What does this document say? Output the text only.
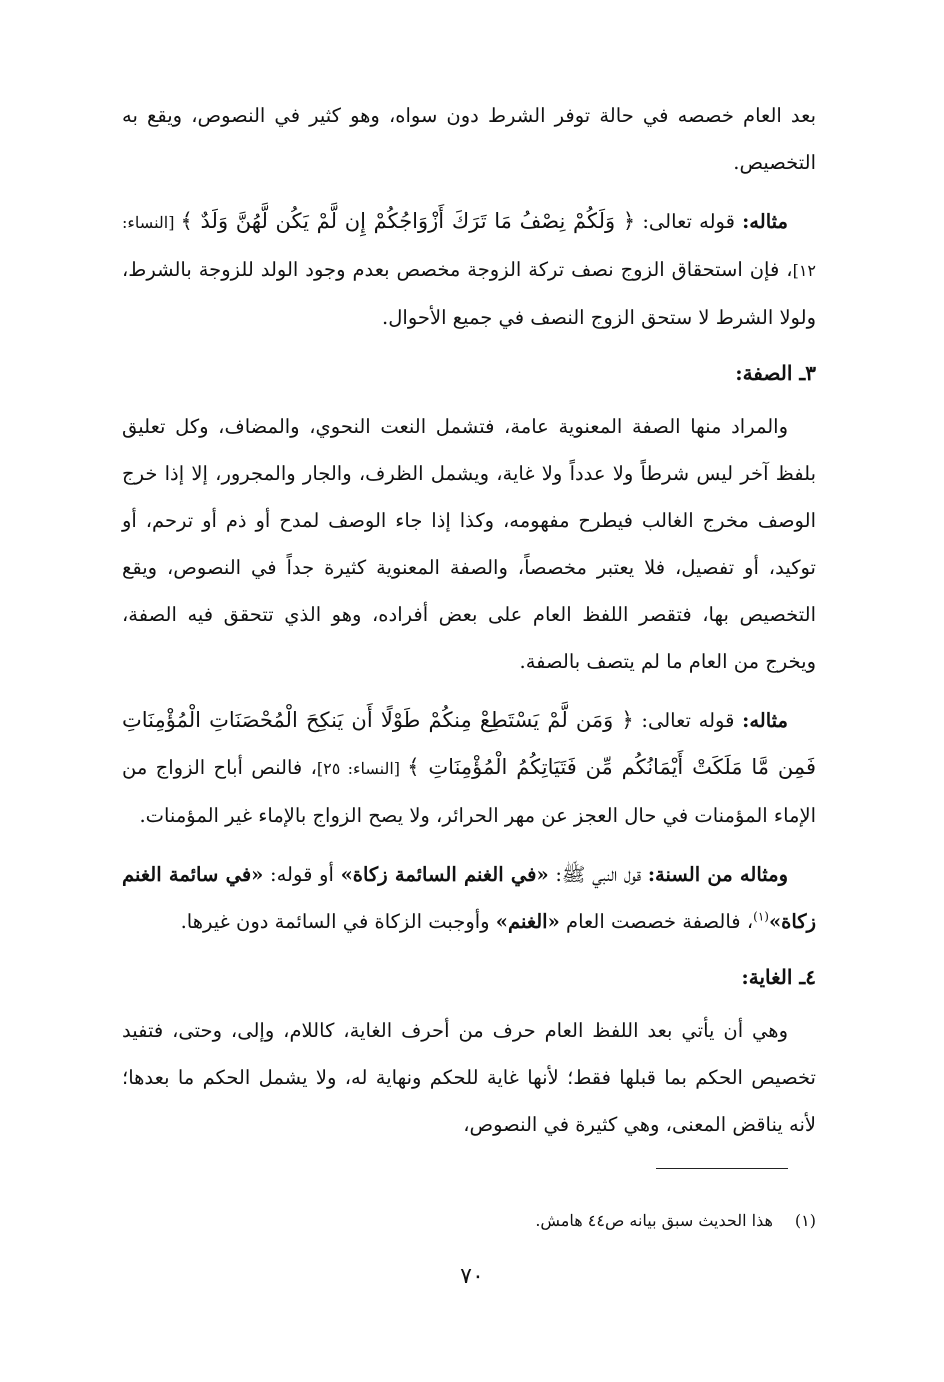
بعد العام خصصه في حالة توفر الشرط دون سواه، وهو كثير في النصوص، ويقع به التخصيص.

مثاله: قوله تعالى: ﴿ وَلَكُمْ نِصْفُ مَا تَرَكَ أَزْوَاجُكُمْ إِن لَّمْ يَكُن لَّهُنَّ وَلَدٌ ﴾ [النساء: ١٢]، فإن استحقاق الزوج نصف تركة الزوجة مخصص بعدم وجود الولد للزوجة بالشرط، ولولا الشرط لا ستحق الزوج النصف في جميع الأحوال.

٣ـ الصفة:

والمراد منها الصفة المعنوية عامة، فتشمل النعت النحوي، والمضاف، وكل تعليق بلفظ آخر ليس شرطاً ولا عدداً ولا غاية، ويشمل الظرف، والجار والمجرور، إلا إذا خرج الوصف مخرج الغالب فيطرح مفهومه، وكذا إذا جاء الوصف لمدح أو ذم أو ترحم، أو توكيد، أو تفصيل، فلا يعتبر مخصصاً، والصفة المعنوية كثيرة جداً في النصوص، ويقع التخصيص بها، فتقصر اللفظ العام على بعض أفراده، وهو الذي تتحقق فيه الصفة، ويخرج من العام ما لم يتصف بالصفة.

مثاله: قوله تعالى: ﴿ وَمَن لَّمْ يَسْتَطِعْ مِنكُمْ طَوْلًا أَن يَنكِحَ الْمُحْصَنَاتِ الْمُؤْمِنَاتِ فَمِن مَّا مَلَكَتْ أَيْمَانُكُم مِّن فَتَيَاتِكُمُ الْمُؤْمِنَاتِ ﴾ [النساء: ٢٥]، فالنص أباح الزواج من الإماء المؤمنات في حال العجز عن مهر الحرائر، ولا يصح الزواج بالإماء غير المؤمنات.

ومثاله من السنة: قول النبي ﷺ: «في الغنم السائمة زكاة» أو قوله: «في سائمة الغنم زكاة»$^{(١)}$، فالصفة خصصت العام «الغنم» وأوجبت الزكاة في السائمة دون غيرها.

٤ـ الغاية:

وهي أن يأتي بعد اللفظ العام حرف من أحرف الغاية، كاللام، وإلى، وحتى، فتفيد تخصيص الحكم بما قبلها فقط؛ لأنها غاية للحكم ونهاية له، ولا يشمل الحكم ما بعدها؛ لأنه يناقض المعنى، وهي كثيرة في النصوص،

(١)هذا الحديث سبق بيانه ص٤٤ هامش.
٧٠
